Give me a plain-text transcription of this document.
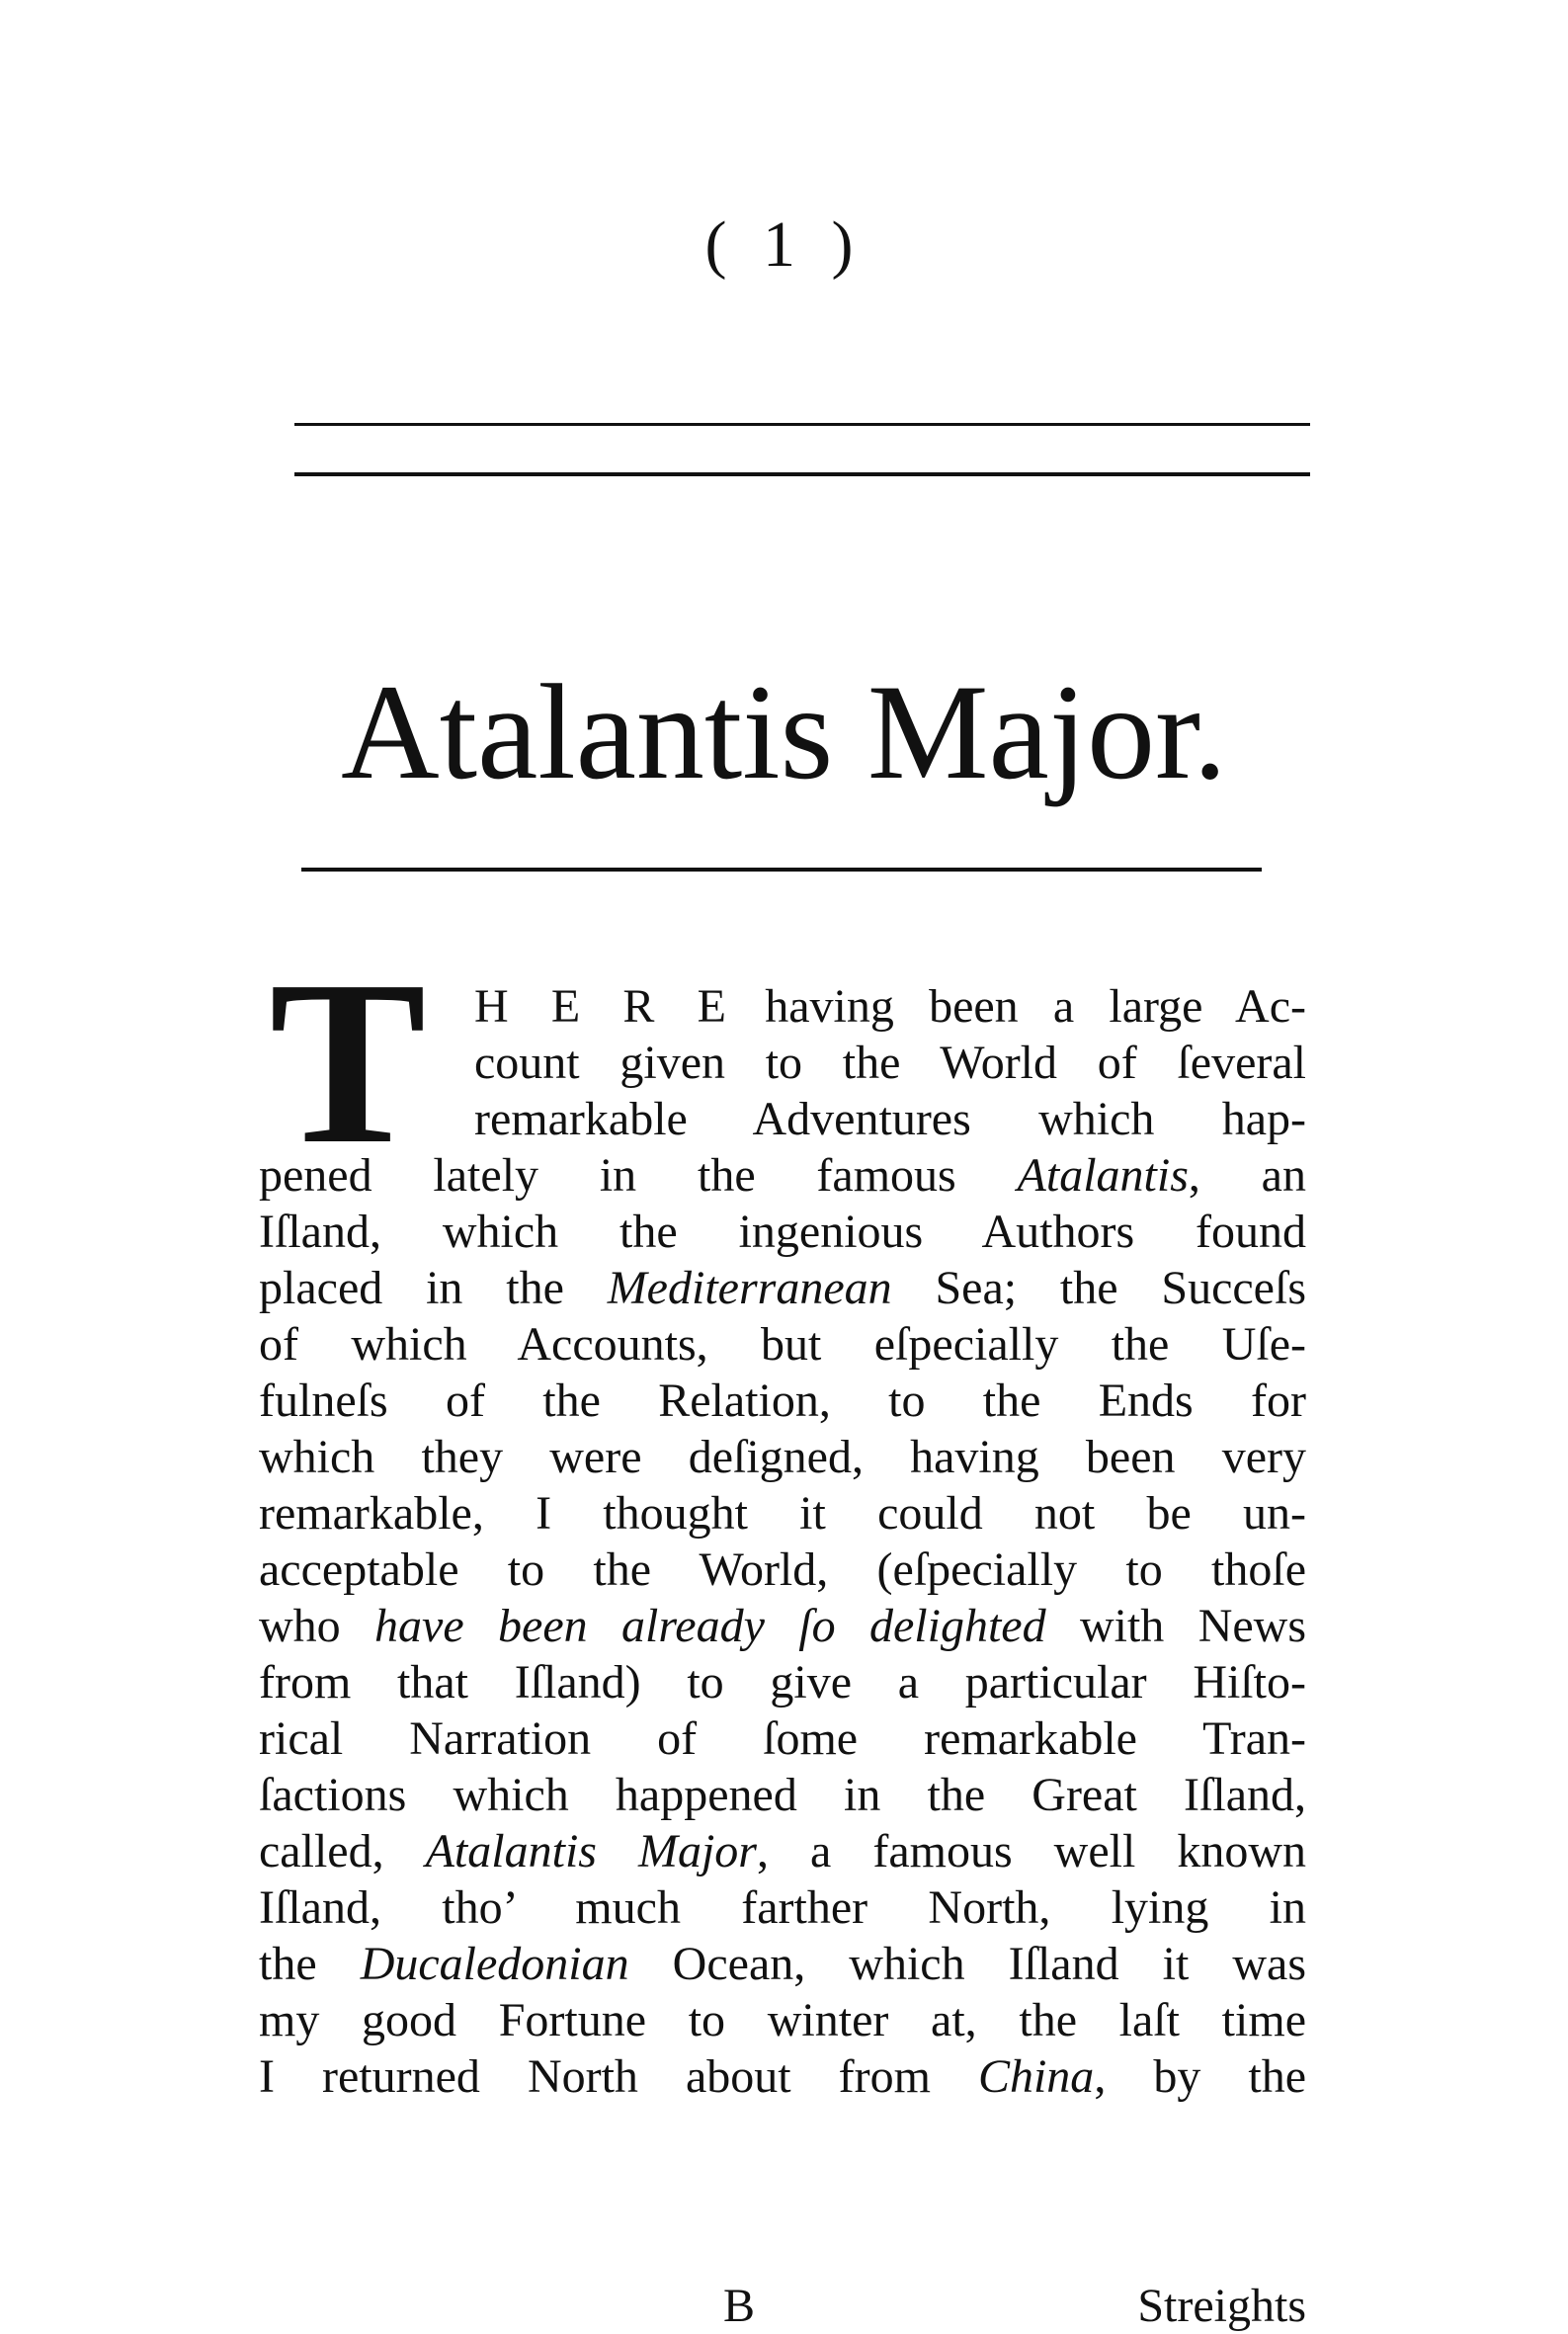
( 1 )
Atalantis Major.
T H E R E having been a large Ac-
count given to the World of ſeveral
remarkable Adventures which hap-
pened lately in the famous Atalantis, an
Iſland, which the ingenious Authors found
placed in the Mediterranean Sea; the Succeſs
of which Accounts, but eſpecially the Uſe-
fulneſs of the Relation, to the Ends for
which they were deſigned, having been very
remarkable, I thought it could not be un-
acceptable to the World, (eſpecially to thoſe
who have been already ſo delighted with News
from that Iſland) to give a particular Hiſto-
rical Narration of ſome remarkable Tran-
ſactions which happened in the Great Iſland,
called, Atalantis Major, a famous well known
Iſland, tho’ much farther North, lying in
the Ducaledonian Ocean, which Iſland it was
my good Fortune to winter at, the laſt time
I returned North about from China, by the
B	Streights
